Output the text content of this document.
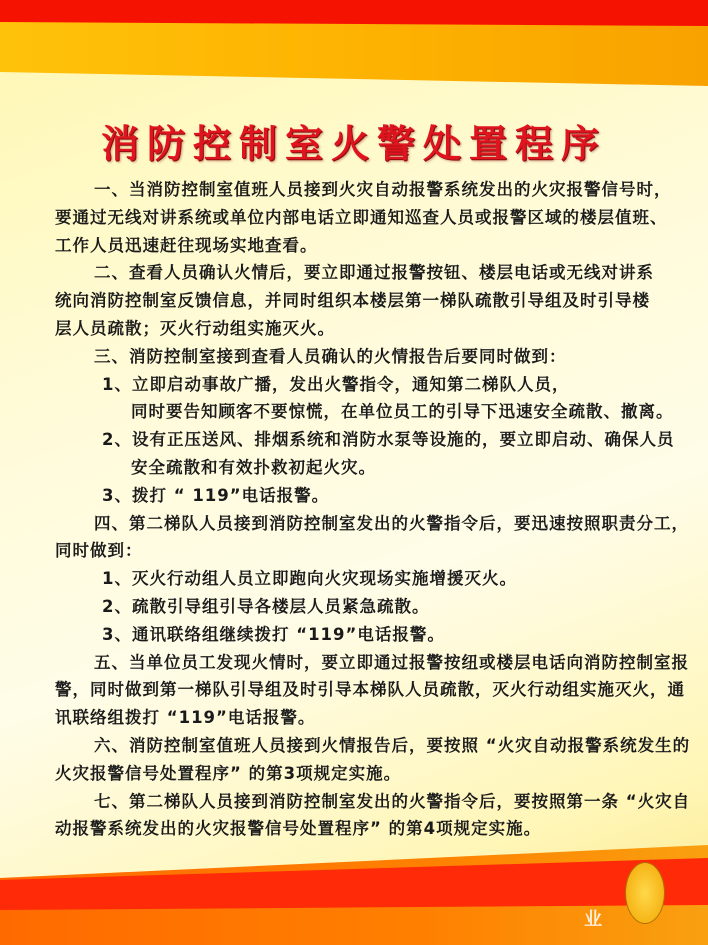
消防控制室火警处置程序
一、当消防控制室值班人员接到火灾自动报警系统发出的火灾报警信号时，
要通过无线对讲系统或单位内部电话立即通知巡查人员或报警区域的楼层值班、
工作人员迅速赶往现场实地查看。
二、查看人员确认火情后，要立即通过报警按钮、楼层电话或无线对讲系
统向消防控制室反馈信息，并同时组织本楼层第一梯队疏散引导组及时引导楼
层人员疏散；灭火行动组实施灭火。
三、消防控制室接到查看人员确认的火情报告后要同时做到：
1、立即启动事故广播，发出火警指令，通知第二梯队人员，
同时要告知顾客不要惊慌，在单位员工的引导下迅速安全疏散、撤离。
2、设有正压送风、排烟系统和消防水泵等设施的，要立即启动、确保人员
安全疏散和有效扑救初起火灾。
3、拨打 “ 119”电话报警。
四、第二梯队人员接到消防控制室发出的火警指令后，要迅速按照职责分工，
同时做到：
1、灭火行动组人员立即跑向火灾现场实施增援灭火。
2、疏散引导组引导各楼层人员紧急疏散。
3、通讯联络组继续拨打 “119”电话报警。
五、当单位员工发现火情时，要立即通过报警按纽或楼层电话向消防控制室报
警，同时做到第一梯队引导组及时引导本梯队人员疏散，灭火行动组实施灭火，通
讯联络组拨打 “119”电话报警。
六、消防控制室值班人员接到火情报告后，要按照 “火灾自动报警系统发生的
火灾报警信号处置程序” 的第3项规定实施。
七、第二梯队人员接到消防控制室发出的火警指令后，要按照第一条 “火灾自
动报警系统发出的火灾报警信号处置程序” 的第4项规定实施。
业
